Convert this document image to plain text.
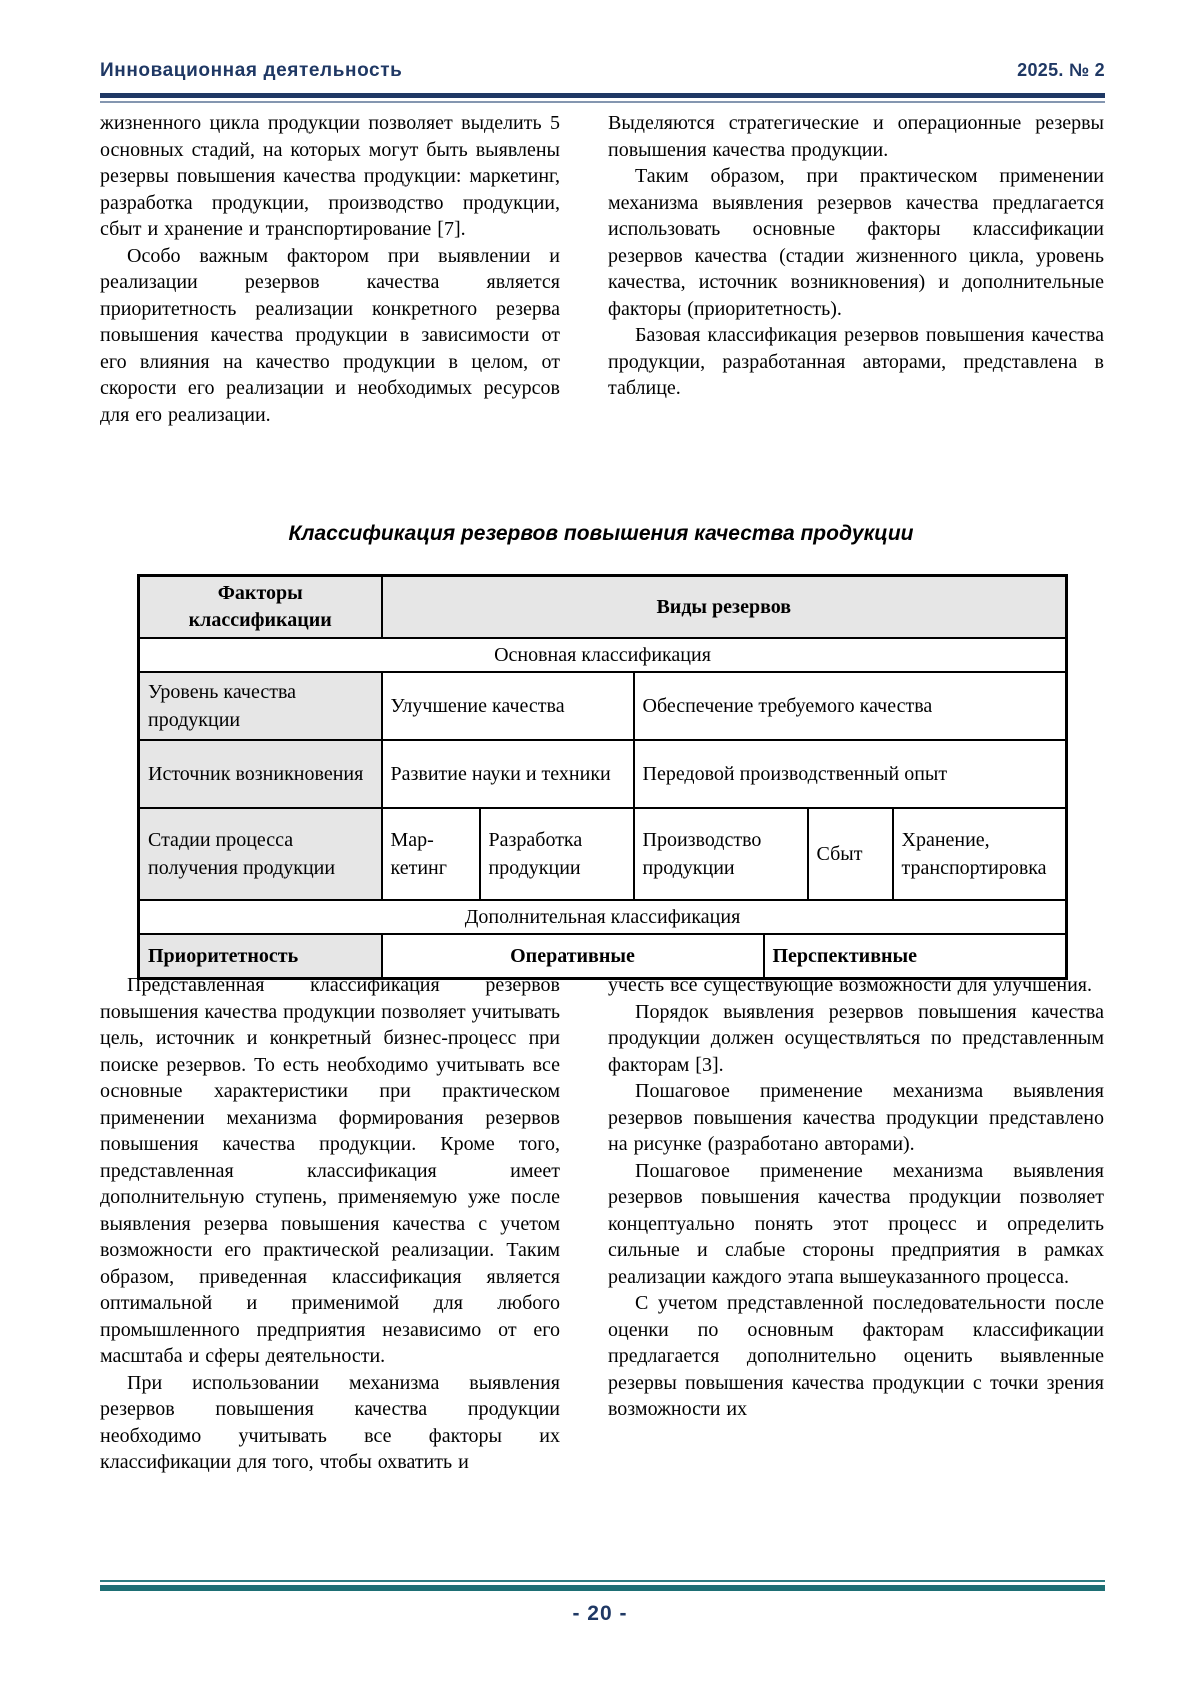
Инновационная деятельность	2025. № 2

жизненного цикла продукции позволяет выделить 5 основных стадий, на которых могут быть выявлены резервы повышения качества продукции: маркетинг, разработка продукции, производство продукции, сбыт и хранение и транспортирование [7].

Особо важным фактором при выявлении и реализации резервов качества является приоритетность реализации конкретного резерва повышения качества продукции в зависимости от его влияния на качество продукции в целом, от скорости его реализации и необходимых ресурсов для его реализации.

Выделяются стратегические и операционные резервы повышения качества продукции.

Таким образом, при практическом применении механизма выявления резервов качества предлагается использовать основные факторы классификации резервов качества (стадии жизненного цикла, уровень качества, источник возникновения) и дополнительные факторы (приоритетность).

Базовая классификация резервов повышения качества продукции, разработанная авторами, представлена в таблице.

Классификация резервов повышения качества продукции
Факторы классификации	Виды резервов					
Основная классификация						
Уровень качества продукции	Улучшение качества		Обеспечение требуемого качества			
Источник возникновения	Развитие науки и техники		Передовой производственный опыт			
Стадии процесса получения продукции	Мар-кетинг	Разработка продукции	Производство продукции		Сбыт	Хранение, транспортировка
Дополнительная классификация						
Приоритетность	Оперативные			Перспективные		

Представленная классификация резервов повышения качества продукции позволяет учитывать цель, источник и конкретный бизнес-процесс при поиске резервов. То есть необходимо учитывать все основные характеристики при практическом применении механизма формирования резервов повышения качества продукции. Кроме того, представленная классификация имеет дополнительную ступень, применяемую уже после выявления резерва повышения качества с учетом возможности его практической реализации. Таким образом, приведенная классификация является оптимальной и применимой для любого промышленного предприятия независимо от его масштаба и сферы деятельности.

При использовании механизма выявления резервов повышения качества продукции необходимо учитывать все факторы их классификации для того, чтобы охватить и

учесть все существующие возможности для улучшения.

Порядок выявления резервов повышения качества продукции должен осуществляться по представленным факторам [3].

Пошаговое применение механизма выявления резервов повышения качества продукции представлено на рисунке (разработано авторами).

Пошаговое применение механизма выявления резервов повышения качества продукции позволяет концептуально понять этот процесс и определить сильные и слабые стороны предприятия в рамках реализации каждого этапа вышеуказанного процесса.

С учетом представленной последовательности после оценки по основным факторам классификации предлагается дополнительно оценить выявленные резервы повышения качества продукции с точки зрения возможности их

- 20 -
